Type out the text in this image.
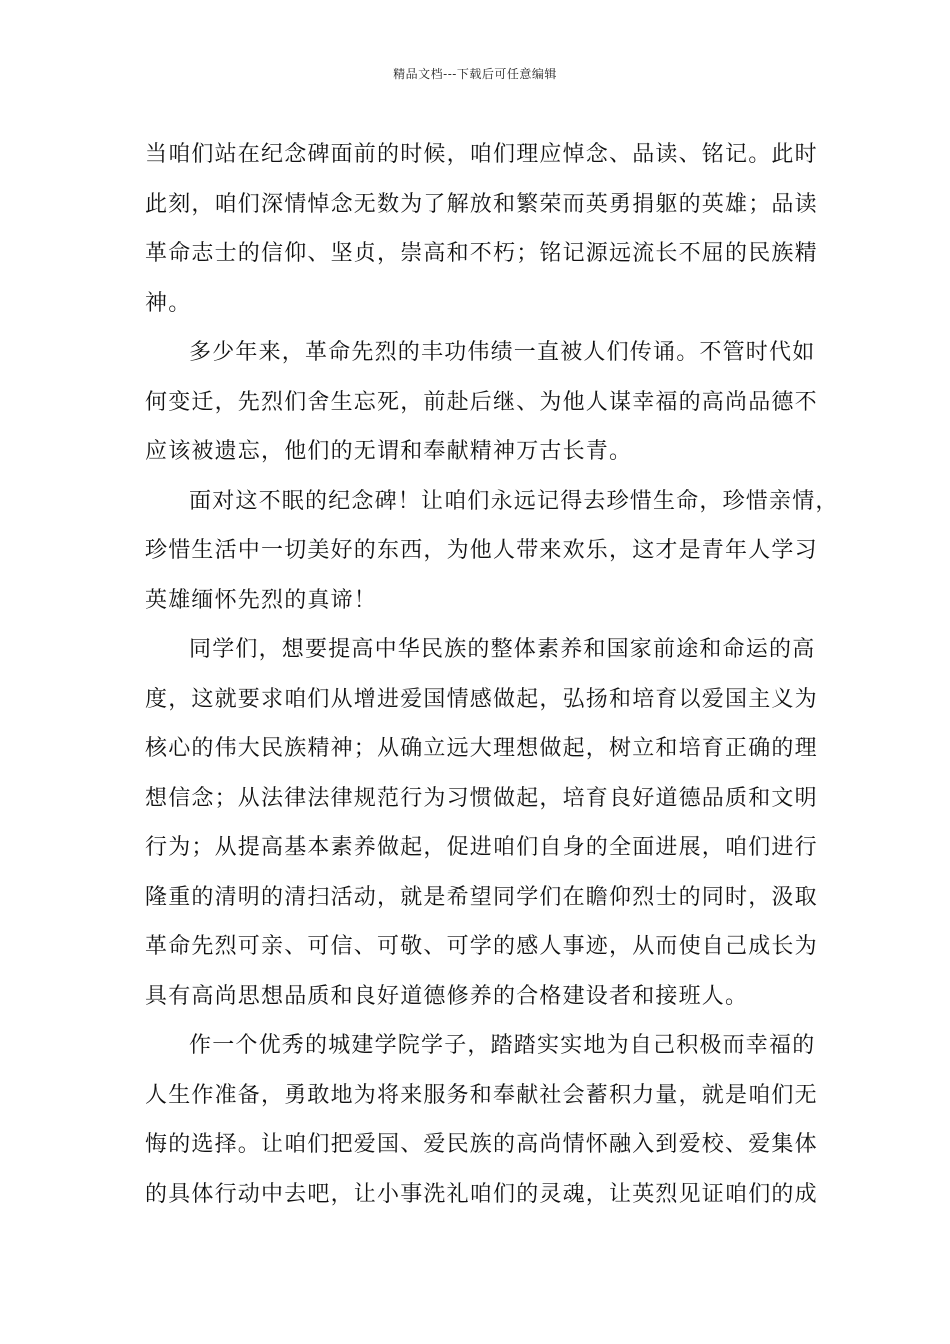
精品文档---下载后可任意编辑
当咱们站在纪念碑面前的时候，咱们理应悼念、品读、铭记。此时
此刻，咱们深情悼念无数为了解放和繁荣而英勇捐躯的英雄；品读
革命志士的信仰、坚贞，崇高和不朽；铭记源远流长不屈的民族精
神。
多少年来，革命先烈的丰功伟绩一直被人们传诵。不管时代如
何变迁，先烈们舍生忘死，前赴后继、为他人谋幸福的高尚品德不
应该被遗忘，他们的无谓和奉献精神万古长青。
面对这不眠的纪念碑！让咱们永远记得去珍惜生命，珍惜亲情，
珍惜生活中一切美好的东西，为他人带来欢乐，这才是青年人学习
英雄缅怀先烈的真谛！
同学们，想要提高中华民族的整体素养和国家前途和命运的高
度，这就要求咱们从增进爱国情感做起，弘扬和培育以爱国主义为
核心的伟大民族精神；从确立远大理想做起，树立和培育正确的理
想信念；从法律法律规范行为习惯做起，培育良好道德品质和文明
行为；从提高基本素养做起，促进咱们自身的全面进展，咱们进行
隆重的清明的清扫活动，就是希望同学们在瞻仰烈士的同时，汲取
革命先烈可亲、可信、可敬、可学的感人事迹，从而使自己成长为
具有高尚思想品质和良好道德修养的合格建设者和接班人。
作一个优秀的城建学院学子，踏踏实实地为自己积极而幸福的
人生作准备，勇敢地为将来服务和奉献社会蓄积力量，就是咱们无
悔的选择。让咱们把爱国、爱民族的高尚情怀融入到爱校、爱集体
的具体行动中去吧，让小事洗礼咱们的灵魂，让英烈见证咱们的成
